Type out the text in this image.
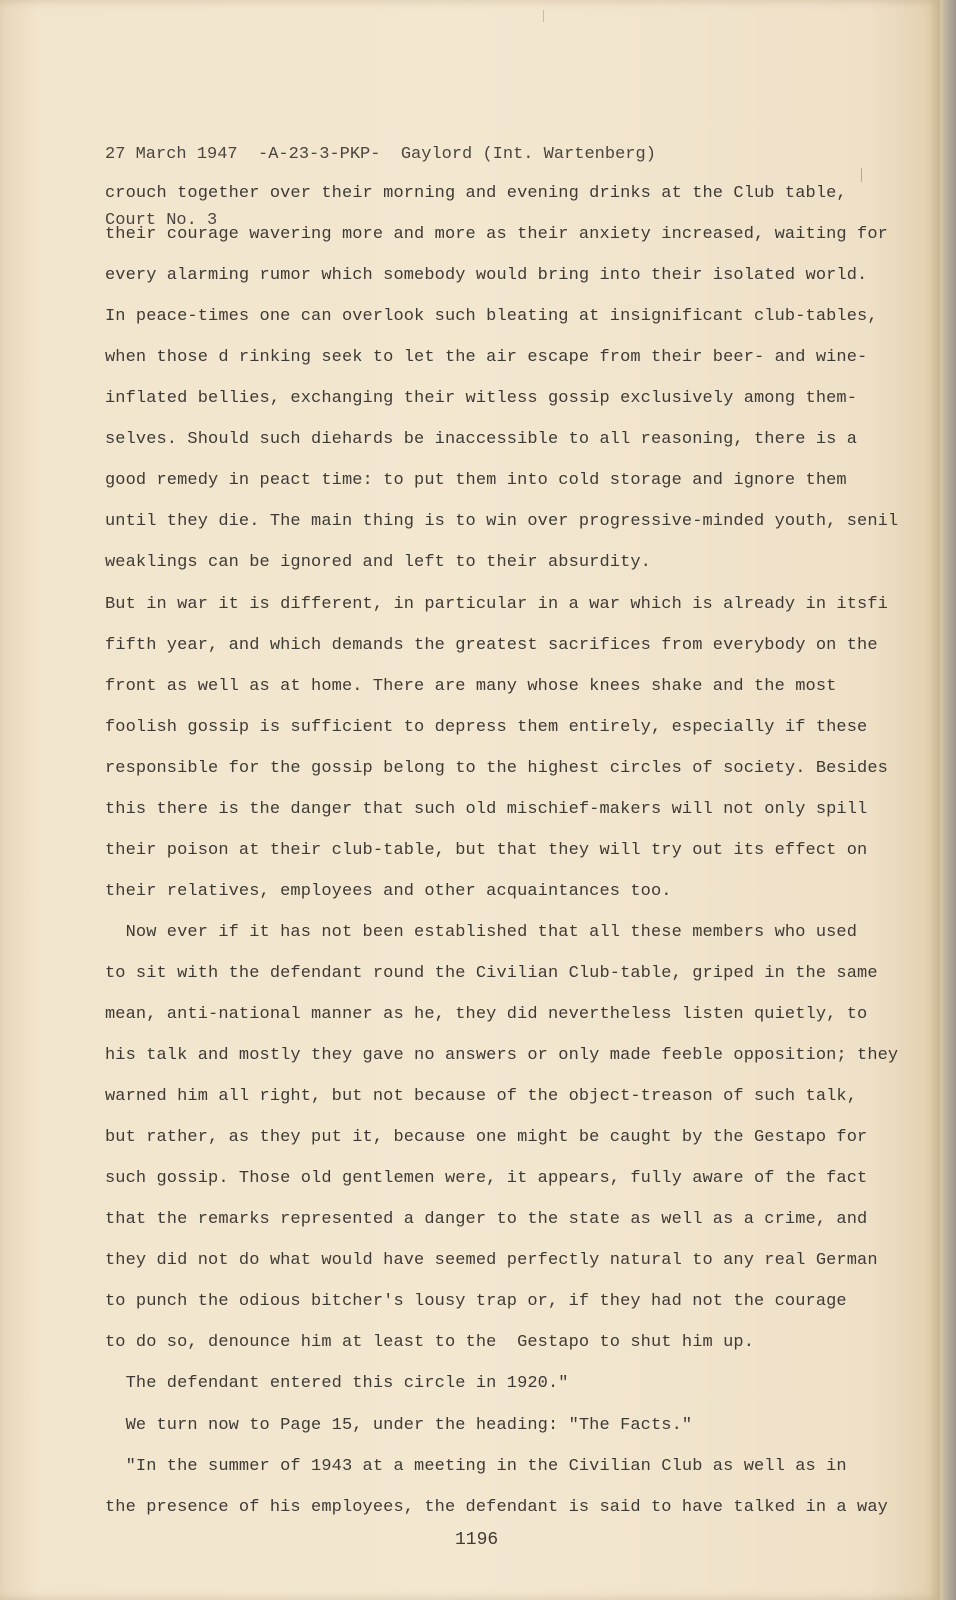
27 March 1947  -A-23-3-PKP-  Gaylord (Int. Wartenberg)

Court No. 3

crouch together over their morning and evening drinks at the Club table,
their courage wavering more and more as their anxiety increased, waiting for
every alarming rumor which somebody would bring into their isolated world.
In peace-times one can overlook such bleating at insignificant club-tables,
when those d rinking seek to let the air escape from their beer- and wine-
inflated bellies, exchanging their witless gossip exclusively among them-
selves. Should such diehards be inaccessible to all reasoning, there is a
good remedy in peact time: to put them into cold storage and ignore them
until they die. The main thing is to win over progressive-minded youth, senil
weaklings can be ignored and left to their absurdity.
But in war it is different, in particular in a war which is already in itsfi
fifth year, and which demands the greatest sacrifices from everybody on the
front as well as at home. There are many whose knees shake and the most
foolish gossip is sufficient to depress them entirely, especially if these
responsible for the gossip belong to the highest circles of society. Besides
this there is the danger that such old mischief-makers will not only spill
their poison at their club-table, but that they will try out its effect on
their relatives, employees and other acquaintances too.
Now ever if it has not been established that all these members who used
to sit with the defendant round the Civilian Club-table, griped in the same
mean, anti-national manner as he, they did nevertheless listen quietly, to
his talk and mostly they gave no answers or only made feeble opposition; they
warned him all right, but not because of the object-treason of such talk,
but rather, as they put it, because one might be caught by the Gestapo for
such gossip. Those old gentlemen were, it appears, fully aware of the fact
that the remarks represented a danger to the state as well as a crime, and
they did not do what would have seemed perfectly natural to any real German
to punch the odious bitcher's lousy trap or, if they had not the courage
to do so, denounce him at least to the  Gestapo to shut him up.
The defendant entered this circle in 1920."
We turn now to Page 15, under the heading: "The Facts."
"In the summer of 1943 at a meeting in the Civilian Club as well as in
the presence of his employees, the defendant is said to have talked in a way
1196
